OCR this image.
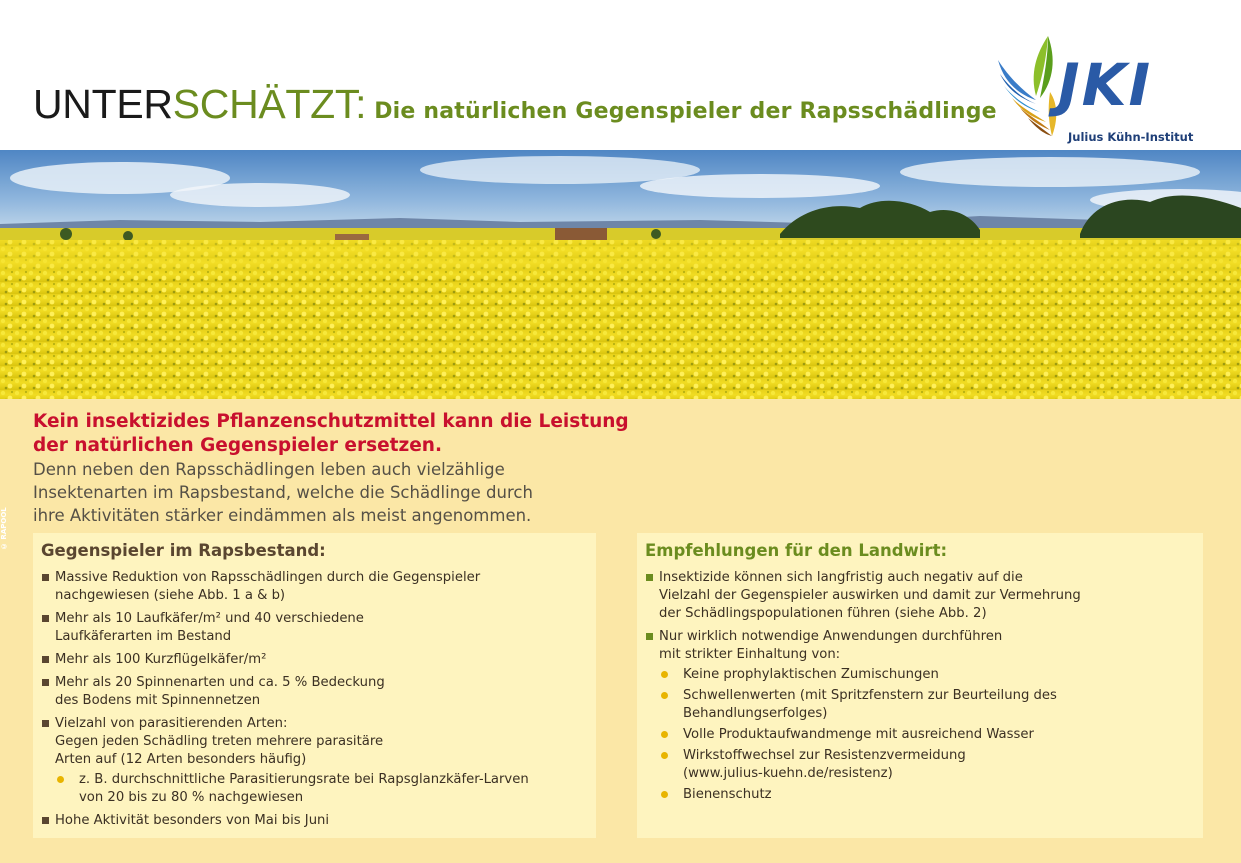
UNTERSCHÄTZT: Die natürlichen Gegenspieler der Rapsschädlinge JKI
Julius Kühn-Institut
© RAPOOL
Kein insektizides Pflanzenschutzmittel kann die Leistung
der natürlichen Gegenspieler ersetzen.
Denn neben den Rapsschädlingen leben auch vielzählige
Insektenarten im Rapsbestand, welche die Schädlinge durch
ihre Aktivitäten stärker eindämmen als meist angenommen.
Gegenspieler im Rapsbestand:
Massive Reduktion von Rapsschädlingen durch die Gegenspieler
nachgewiesen (siehe Abb. 1 a & b)
Mehr als 10 Laufkäfer/m² und 40 verschiedene
Laufkäferarten im Bestand
Mehr als 100 Kurzflügelkäfer/m²
Mehr als 20 Spinnenarten und ca. 5 % Bedeckung
des Bodens mit Spinnennetzen
Vielzahl von parasitierenden Arten:
Gegen jeden Schädling treten mehrere parasitäre
Arten auf (12 Arten besonders häufig)
z. B. durchschnittliche Parasitierungsrate bei Rapsglanzkäfer-Larven
von 20 bis zu 80 % nachgewiesen
Hohe Aktivität besonders von Mai bis Juni
Empfehlungen für den Landwirt:
Insektizide können sich langfristig auch negativ auf die
Vielzahl der Gegenspieler auswirken und damit zur Vermehrung
der Schädlingspopulationen führen (siehe Abb. 2)
Nur wirklich notwendige Anwendungen durchführen
mit strikter Einhaltung von:
Keine prophylaktischen Zumischungen
Schwellenwerten (mit Spritzfenstern zur Beurteilung des
Behandlungserfolges)
Volle Produktaufwandmenge mit ausreichend Wasser
Wirkstoffwechsel zur Resistenzvermeidung
(www.julius-kuehn.de/resistenz)
Bienenschutz
